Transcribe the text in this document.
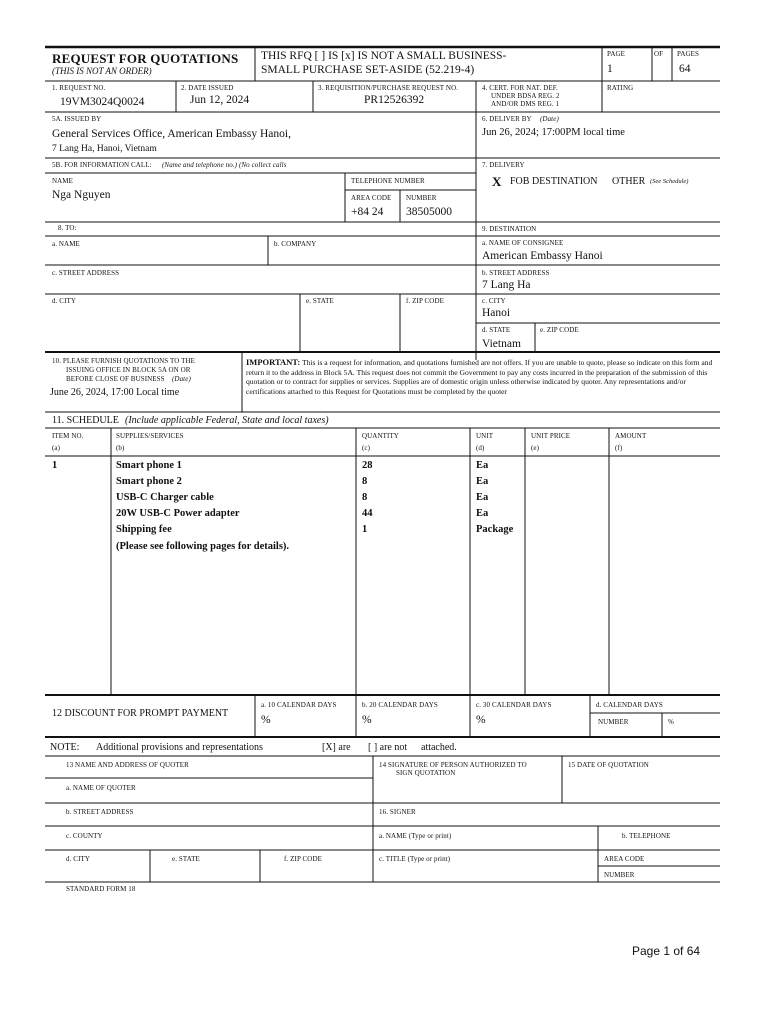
REQUEST FOR QUOTATIONS
(THIS IS NOT AN ORDER)
THIS RFQ [ ] IS [x] IS NOT A SMALL BUSINESS-
SMALL PURCHASE SET-ASIDE (52.219-4)
PAGE	OF PAGES
1	64
1. REQUEST NO.
19VM3024Q0024
2. DATE ISSUED
Jun 12, 2024
3. REQUISITION/PURCHASE REQUEST NO.
PR12526392
4. CERT. FOR NAT. DEF.
UNDER BDSA REG. 2
AND/OR DMS REG. 1
RATING
5A. ISSUED BY
General Services Office, American Embassy Hanoi,
7 Lang Ha, Hanoi, Vietnam
6. DELIVER BY (Date)
Jun 26, 2024; 17:00PM local time
5B. FOR INFORMATION CALL: (Name and telephone no.) (No collect calls
NAME
Nga Nguyen
TELEPHONE NUMBER
AREA CODE NUMBER
+84 24 38505000
7. DELIVERY
X FOB DESTINATION OTHER (See Schedule)
8. TO:
a. NAME	b. COMPANY
c. STREET ADDRESS
d. CITY	e. STATE	f. ZIP CODE
9. DESTINATION
a. NAME OF CONSIGNEE
American Embassy Hanoi
b. STREET ADDRESS
7 Lang Ha
c. CITY
Hanoi
d. STATE	e. ZIP CODE
Vietnam
10. PLEASE FURNISH QUOTATIONS TO THE
ISSUING OFFICE IN BLOCK 5A ON OR
BEFORE CLOSE OF BUSINESS (Date)
June 26, 2024, 17:00 Local time
IMPORTANT: This is a request for information, and quotations furnished are not offers. If you are unable to quote, please so indicate on this form and return it to the address in Block 5A. This request does not commit the Government to pay any costs incurred in the preparation of the submission of this quotation or to contract for supplies or services. Supplies are of domestic origin unless otherwise indicated by quoter. Any representations and/or certifications attached to this Request for Quotations must be completed by the quoter
11. SCHEDULE (Include applicable Federal, State and local taxes)
ITEM NO.
(a)
SUPPLIES/SERVICES
(b)
QUANTITY
(c)
UNIT
(d)
UNIT PRICE
(e)
AMOUNT
(f)
1	Smart phone 1	28	Ea
Smart phone 2	8	Ea
USB-C Charger cable	8	Ea
20W USB-C Power adapter	44	Ea
Shipping fee	1	Package
(Please see following pages for details).
12 DISCOUNT FOR PROMPT PAYMENT
a. 10 CALENDAR DAYS
%
b. 20 CALENDAR DAYS
%
c. 30 CALENDAR DAYS
%
d. CALENDAR DAYS
NUMBER	%
NOTE: Additional provisions and representations	[X] are [ ] are not attached.
13 NAME AND ADDRESS OF QUOTER
a. NAME OF QUOTER
b. STREET ADDRESS
c. COUNTY
d. CITY	e. STATE	f. ZIP CODE
14 SIGNATURE OF PERSON AUTHORIZED TO
SIGN QUOTATION
15 DATE OF QUOTATION
16. SIGNER
a. NAME (Type or print)	b. TELEPHONE
c. TITLE (Type or print)	AREA CODE
NUMBER
STANDARD FORM 18
Page 1 of 64
